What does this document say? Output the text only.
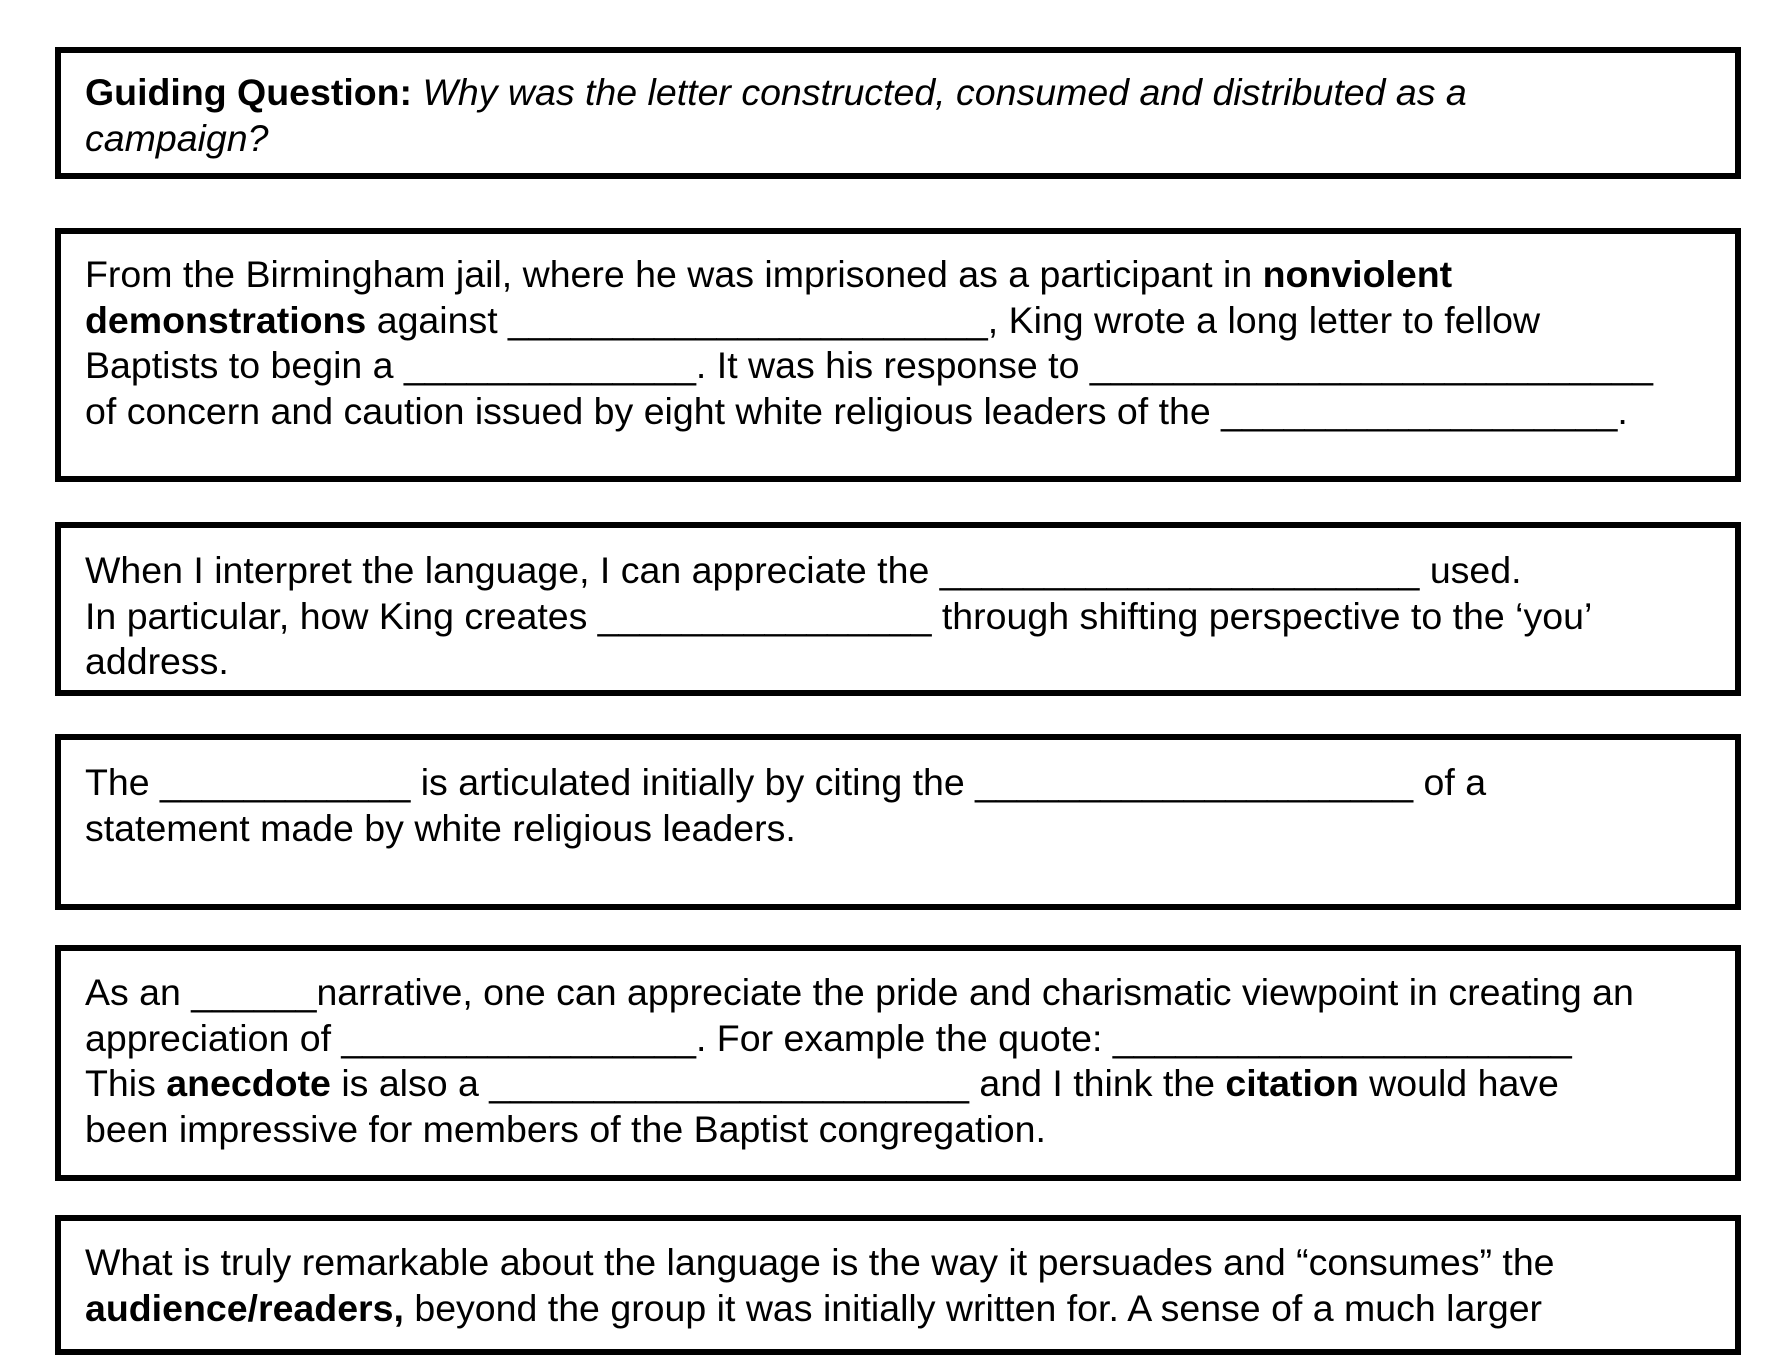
Guiding Question: Why was the letter constructed, consumed and distributed as a

campaign?

From the Birmingham jail, where he was imprisoned as a participant in nonviolent

demonstrations against _______________________, King wrote a long letter to fellow

Baptists to begin a ______________. It was his response to ___________________________

of concern and caution issued by eight white religious leaders of the ___________________.

When I interpret the language, I can appreciate the _______________________ used.

In particular, how King creates ________________ through shifting perspective to the ‘you’

address.

The ____________ is articulated initially by citing the _____________________ of a

statement made by white religious leaders.

As an ______narrative, one can appreciate the pride and charismatic viewpoint in creating an

appreciation of _________________. For example the quote: ______________________

This anecdote is also a _______________________ and I think the citation would have

been impressive for members of the Baptist congregation.

What is truly remarkable about the language is the way it persuades and “consumes” the

audience/readers, beyond the group it was initially written for. A sense of a much larger
